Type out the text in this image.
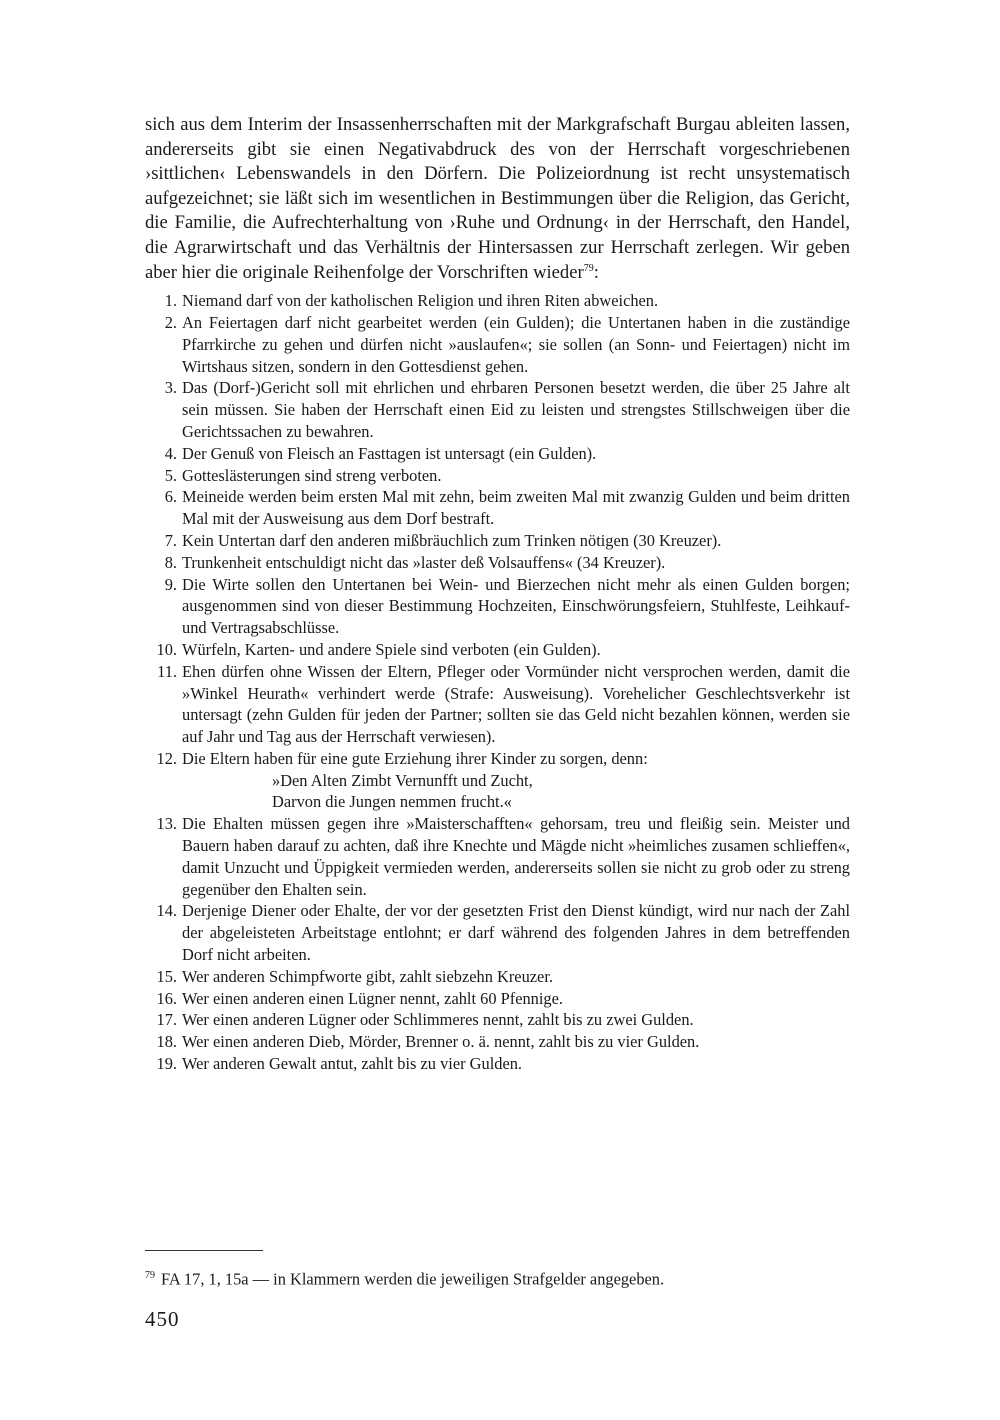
sich aus dem Interim der Insassenherrschaften mit der Markgrafschaft Burgau ableiten lassen, andererseits gibt sie einen Negativabdruck des von der Herrschaft vorgeschriebenen ›sittlichen‹ Lebenswandels in den Dörfern. Die Polizeiordnung ist recht unsystematisch aufgezeichnet; sie läßt sich im wesentlichen in Bestimmungen über die Religion, das Gericht, die Familie, die Aufrechterhaltung von ›Ruhe und Ordnung‹ in der Herrschaft, den Handel, die Agrarwirtschaft und das Verhältnis der Hintersassen zur Herrschaft zerlegen. Wir geben aber hier die originale Reihenfolge der Vorschriften wieder$^{79}$:

1. Niemand darf von der katholischen Religion und ihren Riten abweichen.
2. An Feiertagen darf nicht gearbeitet werden (ein Gulden); die Untertanen haben in die zuständige Pfarrkirche zu gehen und dürfen nicht »auslaufen«; sie sollen (an Sonn- und Feiertagen) nicht im Wirtshaus sitzen, sondern in den Gottesdienst gehen.
3. Das (Dorf-)Gericht soll mit ehrlichen und ehrbaren Personen besetzt werden, die über 25 Jahre alt sein müssen. Sie haben der Herrschaft einen Eid zu leisten und strengstes Stillschweigen über die Gerichtssachen zu bewahren.
4. Der Genuß von Fleisch an Fasttagen ist untersagt (ein Gulden).
5. Gotteslästerungen sind streng verboten.
6. Meineide werden beim ersten Mal mit zehn, beim zweiten Mal mit zwanzig Gulden und beim dritten Mal mit der Ausweisung aus dem Dorf bestraft.
7. Kein Untertan darf den anderen mißbräuchlich zum Trinken nötigen (30 Kreuzer).
8. Trunkenheit entschuldigt nicht das »laster deß Volsauffens« (34 Kreuzer).
9. Die Wirte sollen den Untertanen bei Wein- und Bierzechen nicht mehr als einen Gulden borgen; ausgenommen sind von dieser Bestimmung Hochzeiten, Einschwörungsfeiern, Stuhlfeste, Leihkauf- und Vertragsabschlüsse.
10. Würfeln, Karten- und andere Spiele sind verboten (ein Gulden).
11. Ehen dürfen ohne Wissen der Eltern, Pfleger oder Vormünder nicht versprochen werden, damit die »Winkel Heurath« verhindert werde (Strafe: Ausweisung). Vorehelicher Geschlechtsverkehr ist untersagt (zehn Gulden für jeden der Partner; sollten sie das Geld nicht bezahlen können, werden sie auf Jahr und Tag aus der Herrschaft verwiesen).
12. Die Eltern haben für eine gute Erziehung ihrer Kinder zu sorgen, denn:
»Den Alten Zimbt Vernunfft und Zucht,
Darvon die Jungen nemmen frucht.«
13. Die Ehalten müssen gegen ihre »Maisterschafften« gehorsam, treu und fleißig sein. Meister und Bauern haben darauf zu achten, daß ihre Knechte und Mägde nicht »heimliches zusamen schlieffen«, damit Unzucht und Üppigkeit vermieden werden, andererseits sollen sie nicht zu grob oder zu streng gegenüber den Ehalten sein.
14. Derjenige Diener oder Ehalte, der vor der gesetzten Frist den Dienst kündigt, wird nur nach der Zahl der abgeleisteten Arbeitstage entlohnt; er darf während des folgenden Jahres in dem betreffenden Dorf nicht arbeiten.
15. Wer anderen Schimpfworte gibt, zahlt siebzehn Kreuzer.
16. Wer einen anderen einen Lügner nennt, zahlt 60 Pfennige.
17. Wer einen anderen Lügner oder Schlimmeres nennt, zahlt bis zu zwei Gulden.
18. Wer einen anderen Dieb, Mörder, Brenner o. ä. nennt, zahlt bis zu vier Gulden.
19. Wer anderen Gewalt antut, zahlt bis zu vier Gulden.
$^{79}$ FA 17, 1, 15a — in Klammern werden die jeweiligen Strafgelder angegeben.
450
